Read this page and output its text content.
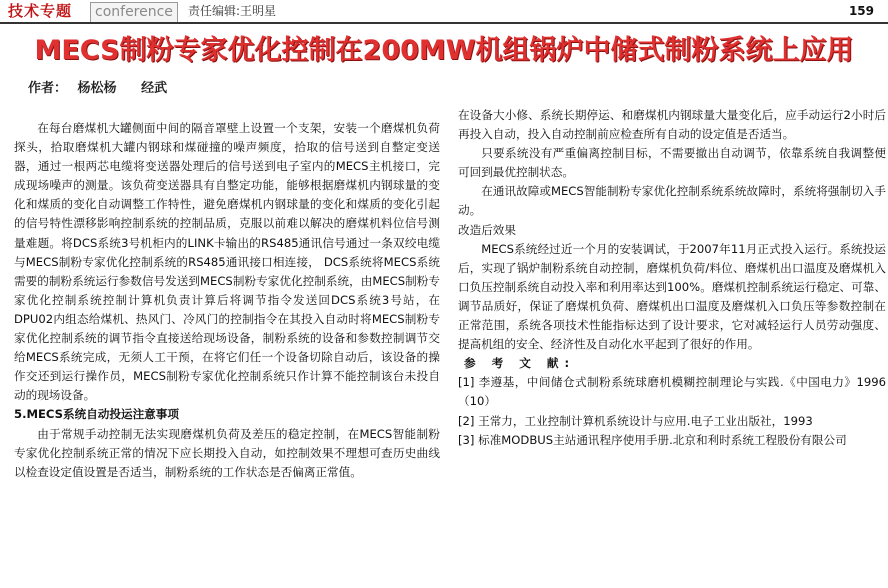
技术专题	conference	责任编辑:王明星	159
MECS制粉专家优化控制在200MW机组锅炉中储式制粉系统上应用
作者： 杨松杨 经武

在每台磨煤机大罐侧面中间的隔音罩壁上设置一个支架，安装一个磨煤机负荷探头，拾取磨煤机大罐内钢球和煤碰撞的噪声频度，拾取的信号送到自整定变送器，通过一根两芯电缆将变送器处理后的信号送到电子室内的MECS主机接口，完成现场噪声的测量。该负荷变送器具有自整定功能，能够根据磨煤机内钢球量的变化和煤质的变化自动调整工作特性，避免磨煤机内钢球量的变化和煤质的变化引起的信号特性漂移影响控制系统的控制品质，克服以前难以解决的磨煤机料位信号测量难题。将DCS系统3号机柜内的LINK卡输出的RS485通讯信号通过一条双绞电缆与MECS制粉专家优化控制系统的RS485通讯接口相连接， DCS系统将MECS系统需要的制粉系统运行参数信号发送到MECS制粉专家优化控制系统，由MECS制粉专家优化控制系统控制计算机负责计算后将调节指令发送回DCS系统3号站，在DPU02内组态给煤机、热风门、冷风门的控制指令在其投入自动时将MECS制粉专家优化控制系统的调节指令直接送给现场设备，制粉系统的设备和参数控制调节交给MECS系统完成，无须人工干预，在将它们任一个设备切除自动后，该设备的操作交还到运行操作员，MECS制粉专家优化控制系统只作计算不能控制该台未投自动的现场设备。

5.MECS系统自动投运注意事项

由于常规手动控制无法实现磨煤机负荷及差压的稳定控制，在MECS智能制粉专家优化控制系统正常的情况下应长期投入自动，如控制效果不理想可查历史曲线以检查设定值设置是否适当，制粉系统的工作状态是否偏离正常值。

在设备大小修、系统长期停运、和磨煤机内钢球量大量变化后，应手动运行2小时后再投入自动，投入自动控制前应检查所有自动的设定值是否适当。

只要系统没有严重偏离控制目标，不需要撤出自动调节，依靠系统自我调整便可回到最优控制状态。

在通讯故障或MECS智能制粉专家优化控制系统系统故障时，系统将强制切入手动。

改造后效果

MECS系统经过近一个月的安装调试，于2007年11月正式投入运行。系统投运后，实现了锅炉制粉系统自动控制，磨煤机负荷/料位、磨煤机出口温度及磨煤机入口负压控制系统自动投入率和利用率达到100%。磨煤机控制系统运行稳定、可靠、调节品质好，保证了磨煤机负荷、磨煤机出口温度及磨煤机入口负压等参数控制在正常范围，系统各项技术性能指标达到了设计要求，它对减轻运行人员劳动强度、提高机组的安全、经济性及自动化水平起到了很好的作用。

参 考 文 献:

[1] 李遵基，中间储仓式制粉系统球磨机模糊控制理论与实践.《中国电力》1996（10）

[2] 王常力，工业控制计算机系统设计与应用.电子工业出版社，1993

[3] 标准MODBUS主站通讯程序使用手册.北京和利时系统工程股份有限公司
